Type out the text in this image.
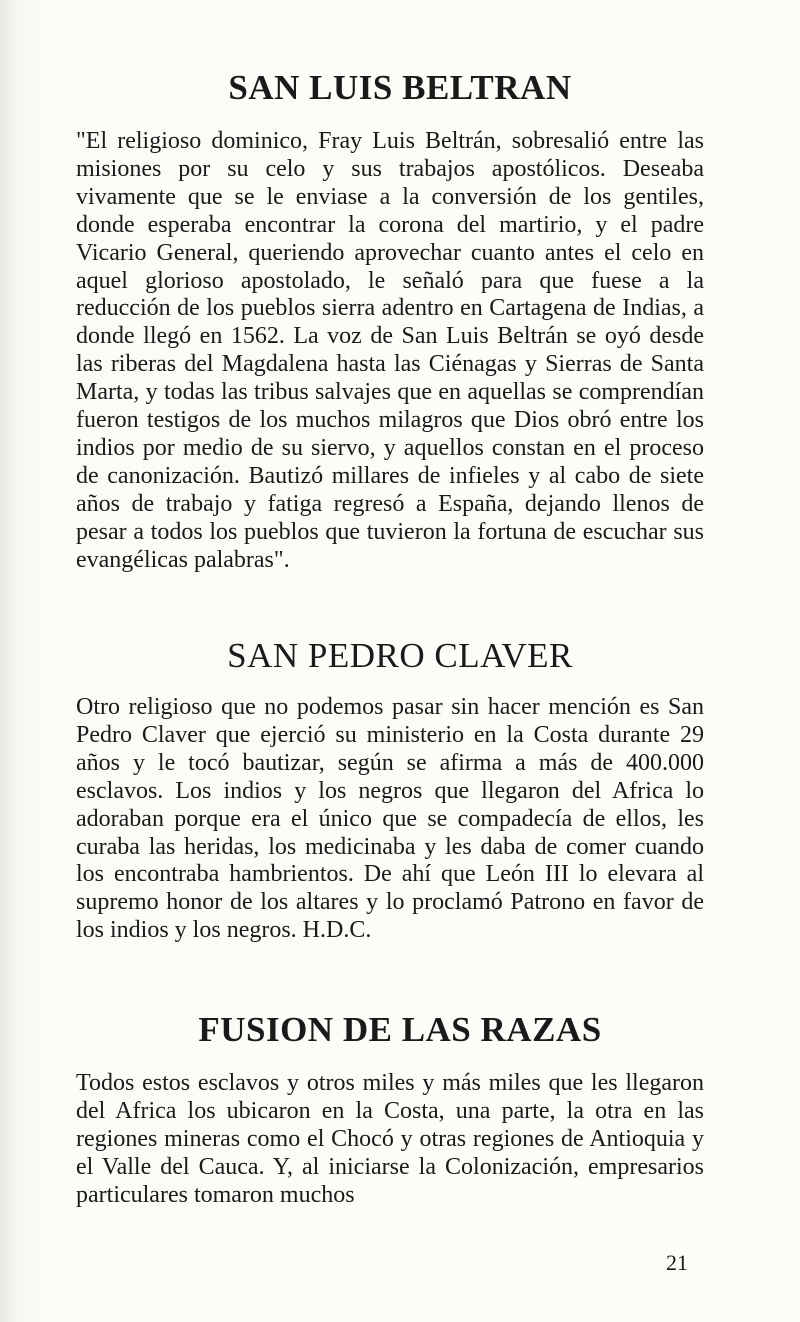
SAN LUIS BELTRAN

"El religioso dominico, Fray Luis Beltrán, sobresalió entre las misiones por su celo y sus trabajos apostólicos. Deseaba vivamente que se le enviase a la conversión de los gentiles, donde esperaba encontrar la corona del martirio, y el padre Vicario General, queriendo aprovechar cuanto antes el celo en aquel glorioso apostolado, le señaló para que fuese a la reducción de los pueblos sierra adentro en Cartagena de Indias, a donde llegó en 1562. La voz de San Luis Beltrán se oyó desde las riberas del Magdalena hasta las Ciénagas y Sierras de Santa Marta, y todas las tribus salvajes que en aquellas se comprendían fueron testigos de los muchos milagros que Dios obró entre los indios por medio de su siervo, y aquellos constan en el proceso de canonización. Bautizó millares de infieles y al cabo de siete años de trabajo y fatiga regresó a España, dejando llenos de pesar a todos los pueblos que tuvieron la fortuna de escuchar sus evangélicas palabras".

SAN PEDRO CLAVER

Otro religioso que no podemos pasar sin hacer mención es San Pedro Claver que ejerció su ministerio en la Costa durante 29 años y le tocó bautizar, según se afirma a más de 400.000 esclavos. Los indios y los negros que llegaron del Africa lo adoraban porque era el único que se compadecía de ellos, les curaba las heridas, los medicinaba y les daba de comer cuando los encontraba hambrientos. De ahí que León III lo elevara al supremo honor de los altares y lo proclamó Patrono en favor de los indios y los negros. H.D.C.

FUSION DE LAS RAZAS

Todos estos esclavos y otros miles y más miles que les llegaron del Africa los ubicaron en la Costa, una parte, la otra en las regiones mineras como el Chocó y otras regiones de Antioquia y el Valle del Cauca. Y, al iniciarse la Colonización, empresarios particulares tomaron muchos

21
